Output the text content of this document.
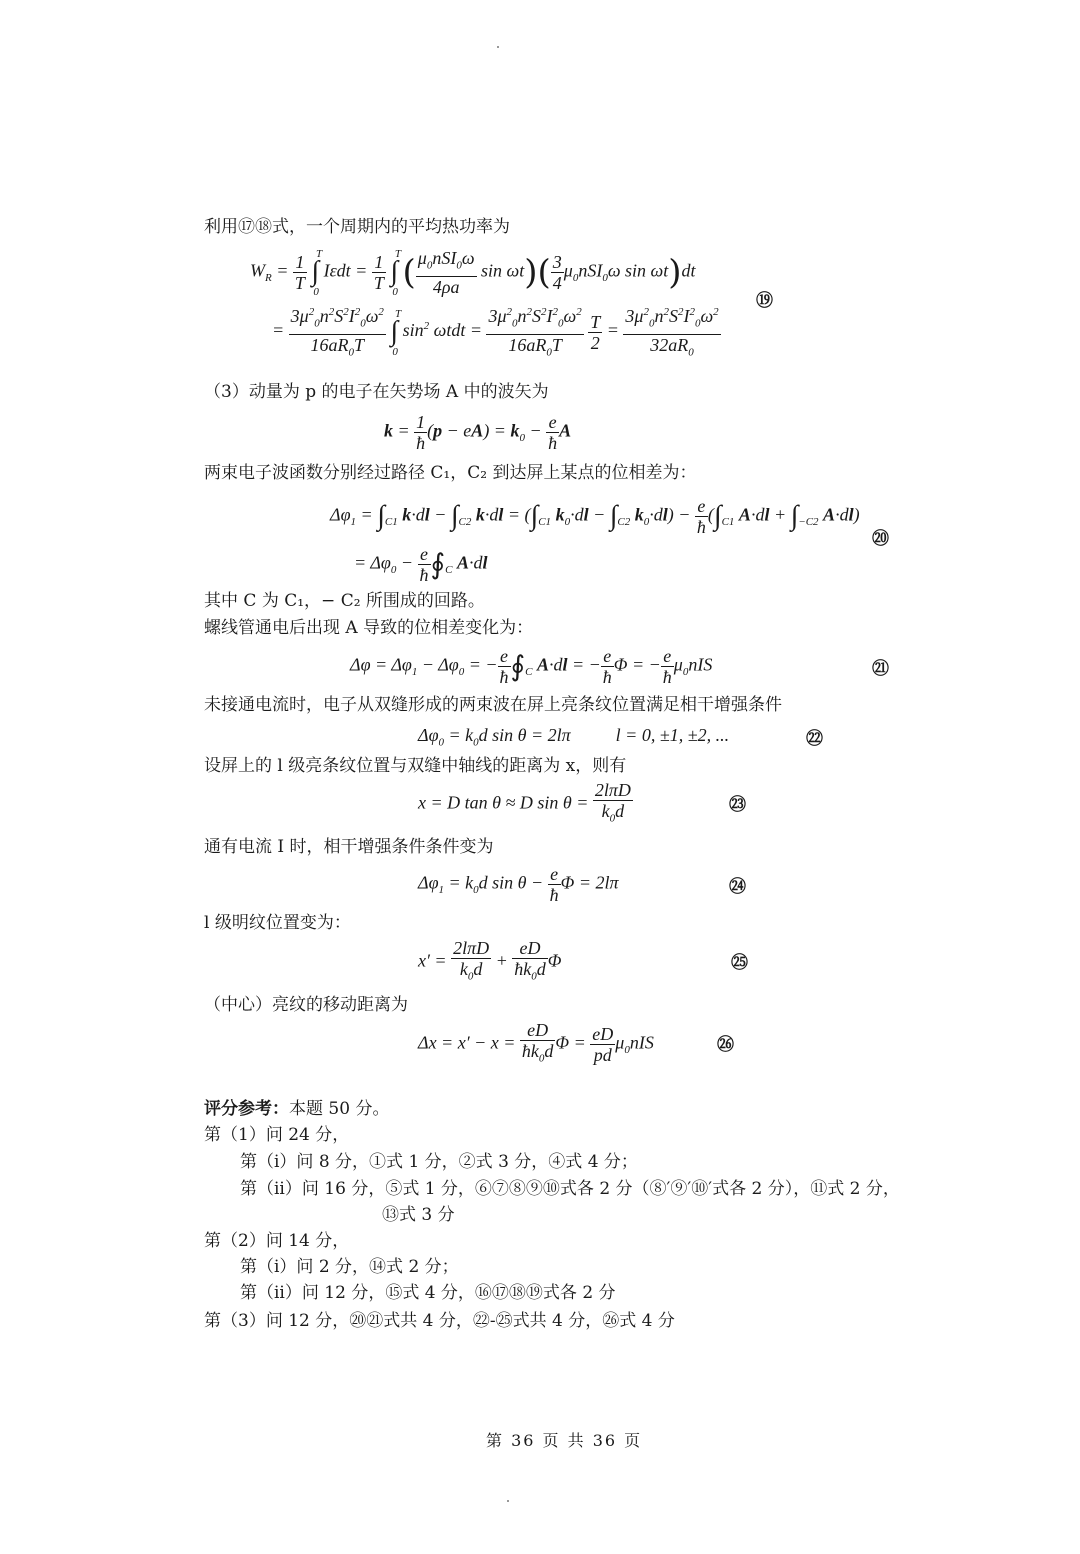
利用⑰⑱式，一个周期内的平均热功率为
$W_R = \frac{1}{T}$ ∫
T
0
$I\varepsilon dt = \frac{1}{T}$ ∫
T
0 ( $\frac{\mu_0nSI_0\omega}{4\rho a}$ $\sin \omega t)( \frac{3}{4} \mu_0nSI_0\omega$ sin ωt)dt
= $\frac{3\mu^2_0n^2S^2I^2_0\omega^2}{16aR_0T}$ ∫
T
0
$\sin^2 \omega tdt = \frac{3\mu^2_0n^2S^2I^2_0\omega^2}{16aR_0T}$
$\frac{T}{2} = \frac{3\mu^2_0n^2S^2I^2_0\omega^2}{32aR_0}$
⑲
（3）动量为 p 的电子在矢势场 A 中的波矢为
$k = \frac{1}{ħ} (p - eA) = k_0 - \frac{e}{ħ}$ A
两束电子波函数分别经过路径 C₁，C₂ 到达屏上某点的位相差为：
$\Delta\varphi_1 = \int_{C1}$ $k\cdot dl - \int_{C2}$ $k\cdot dl = (\int_{C1}$ $k_0\cdot dl - \int_{C2}$ $k_0\cdot dl) - \frac{e}{ħ} (\int_{C1}$ $A\cdot dl + \int_{-C2}$ A·dl)
= $\Delta\varphi_0 - \frac{e}{ħ}$ $∮_C$ A·dl
⑳
其中 C 为 C₁，− C₂ 所围成的回路。
螺线管通电后出现 A 导致的位相差变化为：
$\Delta\varphi = \Delta\varphi_1 - \Delta\varphi_0$ = − $\frac{e}{ħ}$ $∮_C$ A·dl = − $\frac{e}{ħ}$ Φ = − $\frac{e}{ħ} \mu_0nIS$	㉑
未接通电流时，电子从双缝形成的两束波在屏上亮条纹位置满足相干增强条件
$\Delta\varphi_0 = k_0d$ sin θ = 2lπ          l = 0, ±1, ±2, ...	㉒
设屏上的 l 级亮条纹位置与双缝中轴线的距离为 x，则有
x = D tan θ ≈ D $\sin \theta = \frac{\text{2lπD}}{k_0d}$	㉓
通有电流 I 时，相干增强条件条件变为
$\Delta\varphi_1 = k_0d$ $\sin \theta - \frac{e}{ħ}$ Φ = 2lπ	㉔
l 级明纹位置变为：
$x' = \frac{\text{2lπD}}{k_0d} + \frac{eD}{ħk_0d}$ Φ	㉕
（中心）亮纹的移动距离为
$\Delta x = x' - x = \frac{eD}{ħk_0d}$ $\Phi = \frac{eD}{pd} \mu_0nIS$	㉖
评分参考：本题 50 分。
第（1）问 24 分，
第（i）问 8 分，①式 1 分，②式 3 分，④式 4 分；
第（ii）问 16 分，⑤式 1 分，⑥⑦⑧⑨⑩式各 2 分（⑧′⑨′⑩′式各 2 分），⑪式 2 分，
⑬式 3 分
第（2）问 14 分，
第（i）问 2 分，⑭式 2 分；
第（ii）问 12 分，⑮式 4 分，⑯⑰⑱⑲式各 2 分
第（3）问 12 分，⑳㉑式共 4 分，㉒-㉕式共 4 分，㉖式 4 分
第 36 页 共 36 页
